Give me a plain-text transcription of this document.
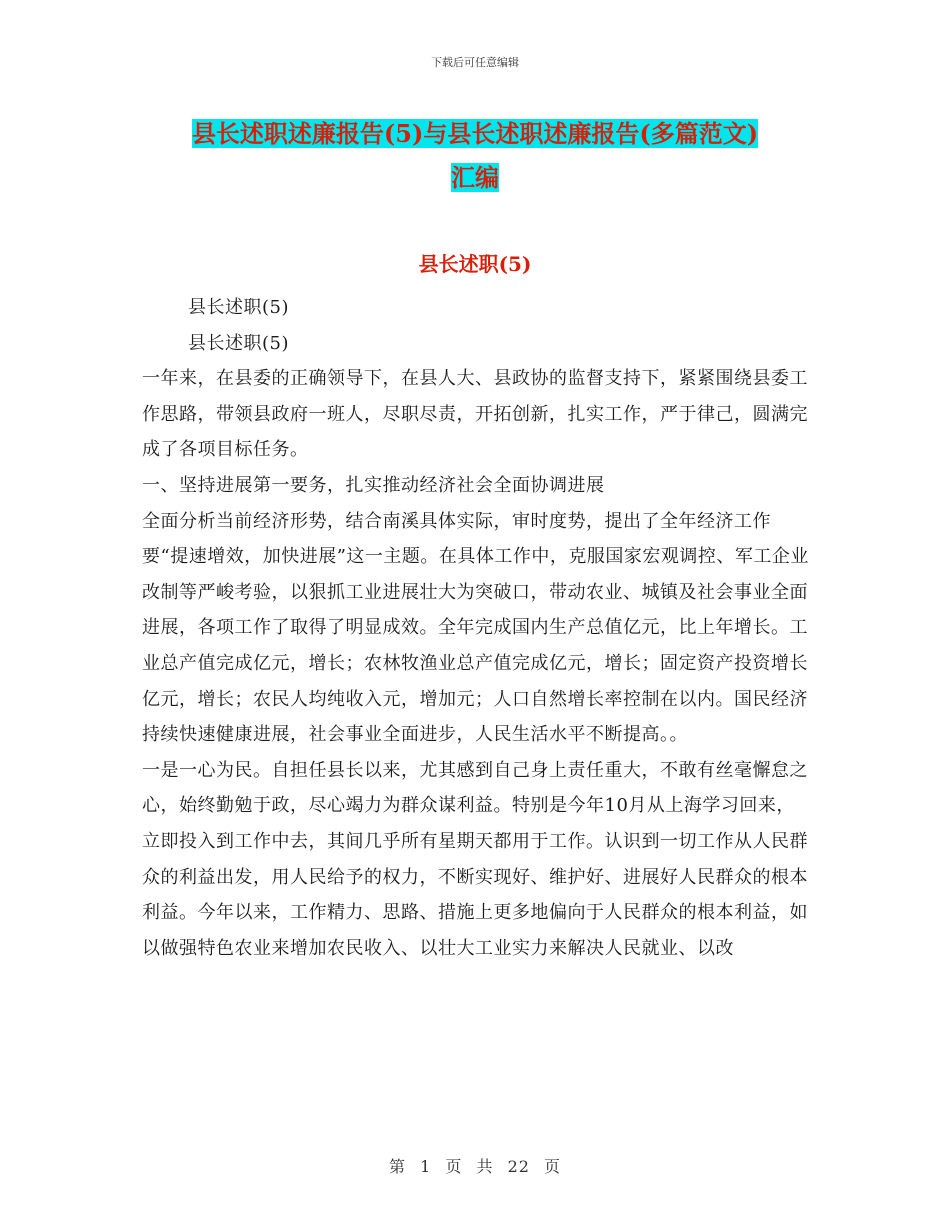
下载后可任意编辑
县长述职述廉报告(5)与县长述职述廉报告(多篇范文)
汇编
县长述职(5)

县长述职(5)

县长述职(5)

一年来，在县委的正确领导下，在县人大、县政协的监督支持下，紧紧围绕县委工作思路，带领县政府一班人，尽职尽责，开拓创新，扎实工作，严于律己，圆满完成了各项目标任务。

一、坚持进展第一要务，扎实推动经济社会全面协调进展

全面分析当前经济形势，结合南溪具体实际，审时度势，提出了全年经济工作要“提速增效，加快进展”这一主题。在具体工作中，克服国家宏观调控、军工企业改制等严峻考验，以狠抓工业进展壮大为突破口，带动农业、城镇及社会事业全面进展，各项工作了取得了明显成效。全年完成国内生产总值亿元，比上年增长。工业总产值完成亿元，增长；农林牧渔业总产值完成亿元，增长；固定资产投资增长亿元，增长；农民人均纯收入元，增加元；人口自然增长率控制在以内。国民经济持续快速健康进展，社会事业全面进步，人民生活水平不断提高。。

一是一心为民。自担任县长以来，尤其感到自己身上责任重大，不敢有丝毫懈怠之心，始终勤勉于政，尽心竭力为群众谋利益。特别是今年10月从上海学习回来，立即投入到工作中去，其间几乎所有星期天都用于工作。认识到一切工作从人民群众的利益出发，用人民给予的权力，不断实现好、维护好、进展好人民群众的根本利益。今年以来，工作精力、思路、措施上更多地偏向于人民群众的根本利益，如以做强特色农业来增加农民收入、以壮大工业实力来解决人民就业、以改

第 1 页 共 22 页
